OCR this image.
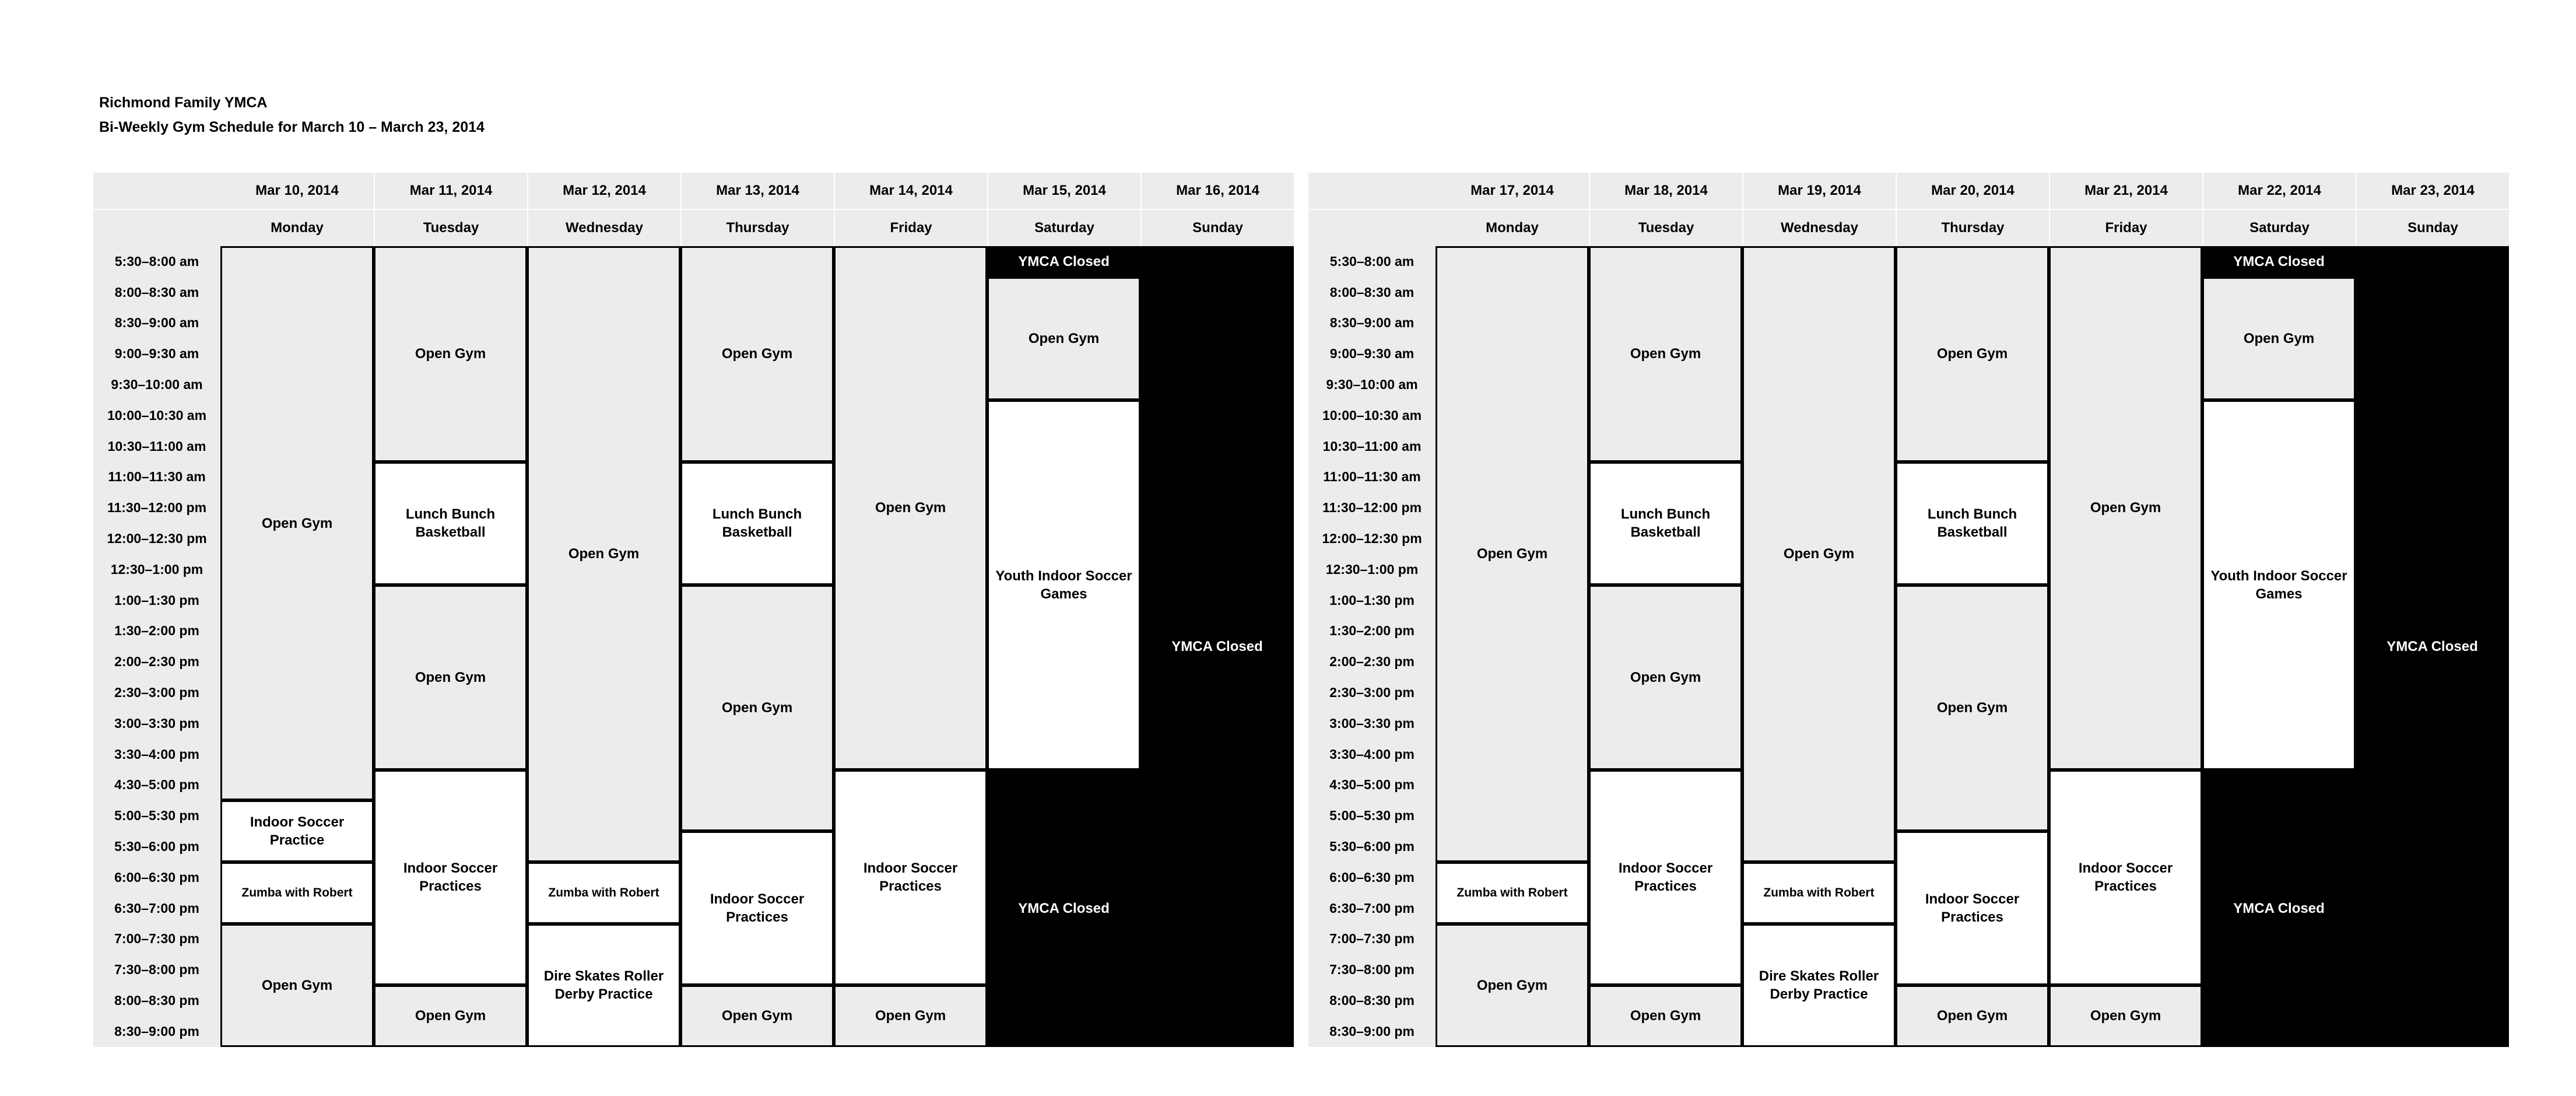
Richmond Family YMCA
Bi-Weekly Gym Schedule for March 10 – March 23, 2014
Mar 10, 2014
Monday
Mar 11, 2014
Tuesday
Mar 12, 2014
Wednesday
Mar 13, 2014
Thursday
Mar 14, 2014
Friday
Mar 15, 2014
Saturday
Mar 16, 2014
Sunday
5:30–8:00 am
8:00–8:30 am
8:30–9:00 am
9:00–9:30 am
9:30–10:00 am
10:00–10:30 am
10:30–11:00 am
11:00–11:30 am
11:30–12:00 pm
12:00–12:30 pm
12:30–1:00 pm
1:00–1:30 pm
1:30–2:00 pm
2:00–2:30 pm
2:30–3:00 pm
3:00–3:30 pm
3:30–4:00 pm
4:30–5:00 pm
5:00–5:30 pm
5:30–6:00 pm
6:00–6:30 pm
6:30–7:00 pm
7:00–7:30 pm
7:30–8:00 pm
8:00–8:30 pm
8:30–9:00 pm
Open Gym
Indoor Soccer Practice
Zumba with Robert
Open Gym
Open Gym
Lunch Bunch Basketball
Open Gym
Indoor Soccer Practices
Open Gym
Open Gym
Zumba with Robert
Dire Skates Roller Derby Practice
Open Gym
Lunch Bunch Basketball
Open Gym
Indoor Soccer Practices
Open Gym
Open Gym
Indoor Soccer Practices
Open Gym
YMCA Closed
Open Gym
Youth Indoor Soccer Games
YMCA Closed
YMCA Closed
Mar 17, 2014
Monday
Mar 18, 2014
Tuesday
Mar 19, 2014
Wednesday
Mar 20, 2014
Thursday
Mar 21, 2014
Friday
Mar 22, 2014
Saturday
Mar 23, 2014
Sunday
5:30–8:00 am
8:00–8:30 am
8:30–9:00 am
9:00–9:30 am
9:30–10:00 am
10:00–10:30 am
10:30–11:00 am
11:00–11:30 am
11:30–12:00 pm
12:00–12:30 pm
12:30–1:00 pm
1:00–1:30 pm
1:30–2:00 pm
2:00–2:30 pm
2:30–3:00 pm
3:00–3:30 pm
3:30–4:00 pm
4:30–5:00 pm
5:00–5:30 pm
5:30–6:00 pm
6:00–6:30 pm
6:30–7:00 pm
7:00–7:30 pm
7:30–8:00 pm
8:00–8:30 pm
8:30–9:00 pm
Open Gym
Zumba with Robert
Open Gym
Open Gym
Lunch Bunch Basketball
Open Gym
Indoor Soccer Practices
Open Gym
Open Gym
Zumba with Robert
Dire Skates Roller Derby Practice
Open Gym
Lunch Bunch Basketball
Open Gym
Indoor Soccer Practices
Open Gym
Open Gym
Indoor Soccer Practices
Open Gym
YMCA Closed
Open Gym
Youth Indoor Soccer Games
YMCA Closed
YMCA Closed
